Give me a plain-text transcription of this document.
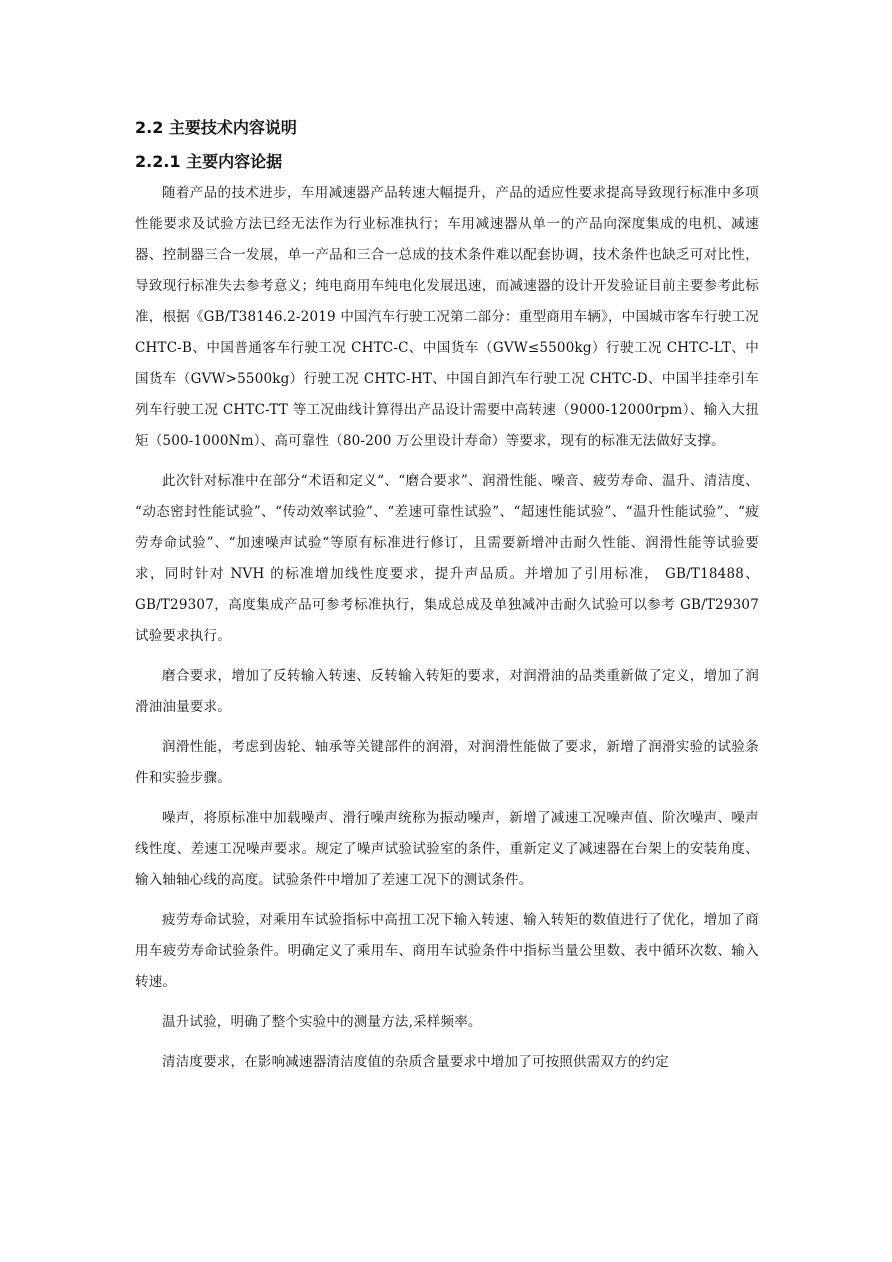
2.2 主要技术内容说明
2.2.1 主要内容论据

随着产品的技术进步，车用减速器产品转速大幅提升，产品的适应性要求提高导致现行标准中多项性能要求及试验方法已经无法作为行业标准执行；车用减速器从单一的产品向深度集成的电机、减速器、控制器三合一发展，单一产品和三合一总成的技术条件难以配套协调，技术条件也缺乏可对比性，导致现行标准失去参考意义；纯电商用车纯电化发展迅速，而减速器的设计开发验证目前主要参考此标准，根据《GB/T38146.2-2019 中国汽车行驶工况第二部分：重型商用车辆》，中国城市客车行驶工况 CHTC-B、中国普通客车行驶工况 CHTC-C、中国货车（GVW≤5500kg）行驶工况 CHTC-LT、中国货车（GVW>5500kg）行驶工况 CHTC-HT、中国自卸汽车行驶工况 CHTC-D、中国半挂牵引车列车行驶工况 CHTC-TT 等工况曲线计算得出产品设计需要中高转速（9000-12000rpm）、输入大扭矩（500-1000Nm）、高可靠性（80-200 万公里设计寿命）等要求，现有的标准无法做好支撑。

此次针对标准中在部分“术语和定义“、“磨合要求”、润滑性能、噪音、疲劳寿命、温升、清洁度、 “动态密封性能试验”、“传动效率试验”、“差速可靠性试验”、“超速性能试验”、“温升性能试验”、“疲劳寿命试验”、“加速噪声试验“等原有标准进行修订，且需要新增冲击耐久性能、润滑性能等试验要求，同时针对 NVH 的标准增加线性度要求，提升声品质。并增加了引用标准， GB/T18488、 GB/T29307，高度集成产品可参考标准执行，集成总成及单独减冲击耐久试验可以参考 GB/T29307 试验要求执行。

磨合要求，增加了反转输入转速、反转输入转矩的要求，对润滑油的品类重新做了定义，增加了润滑油油量要求。

润滑性能，考虑到齿轮、轴承等关键部件的润滑，对润滑性能做了要求，新增了润滑实验的试验条件和实验步骤。

噪声，将原标准中加载噪声、滑行噪声统称为振动噪声，新增了减速工况噪声值、阶次噪声、噪声线性度、差速工况噪声要求。规定了噪声试验试验室的条件，重新定义了减速器在台架上的安装角度、输入轴轴心线的高度。试验条件中增加了差速工况下的测试条件。

疲劳寿命试验，对乘用车试验指标中高扭工况下输入转速、输入转矩的数值进行了优化，增加了商用车疲劳寿命试验条件。明确定义了乘用车、商用车试验条件中指标当量公里数、表中循环次数、输入转速。

温升试验，明确了整个实验中的测量方法,采样频率。

清洁度要求，在影响减速器清洁度值的杂质含量要求中增加了可按照供需双方的约定
